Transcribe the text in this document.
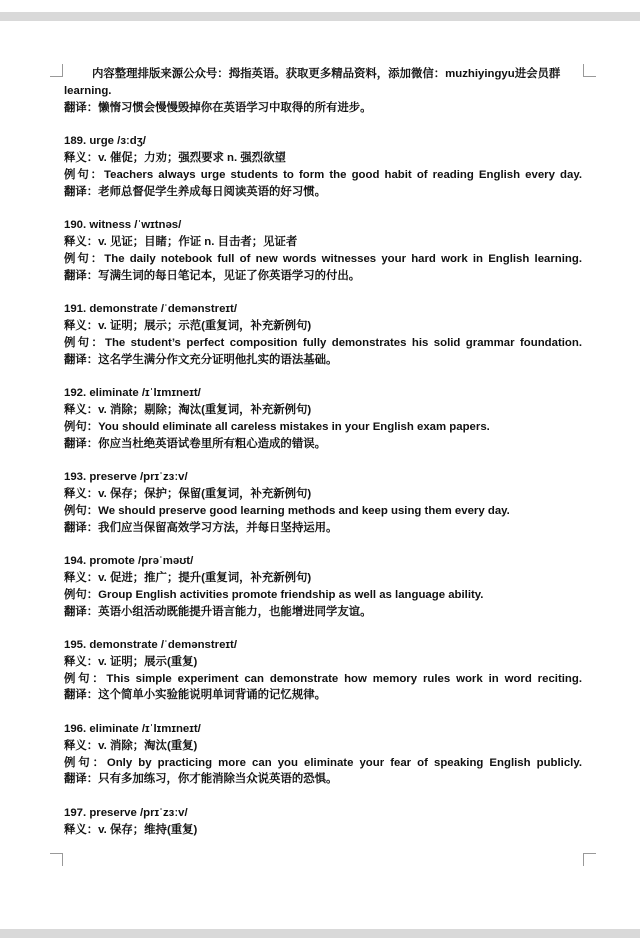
内容整理排版来源公众号：拇指英语。获取更多精品资料，添加微信：muzhiyingyu进会员群learning.
翻译：懒惰习惯会慢慢毁掉你在英语学习中取得的所有进步。
189. urge /ɜːdʒ/
释义：v. 催促；力劝；强烈要求 n. 强烈欲望
例句：Teachers always urge students to form the good habit of reading English every day.
翻译：老师总督促学生养成每日阅读英语的好习惯。
190. witness /ˈwɪtnəs/
释义：v. 见证；目睹；作证 n. 目击者；见证者
例句：The daily notebook full of new words witnesses your hard work in English learning.
翻译：写满生词的每日笔记本，见证了你英语学习的付出。
191. demonstrate /ˈdemənstreɪt/
释义：v. 证明；展示；示范(重复词，补充新例句)
例句：The student’s perfect composition fully demonstrates his solid grammar foundation.
翻译：这名学生满分作文充分证明他扎实的语法基础。
192. eliminate /ɪˈlɪmɪneɪt/
释义：v. 消除；剔除；淘汰(重复词，补充新例句)
例句：You should eliminate all careless mistakes in your English exam papers.
翻译：你应当杜绝英语试卷里所有粗心造成的错误。
193. preserve /prɪˈzɜːv/
释义：v. 保存；保护；保留(重复词，补充新例句)
例句：We should preserve good learning methods and keep using them every day.
翻译：我们应当保留高效学习方法，并每日坚持运用。
194. promote /prəˈməʊt/
释义：v. 促进；推广；提升(重复词，补充新例句)
例句：Group English activities promote friendship as well as language ability.
翻译：英语小组活动既能提升语言能力，也能增进同学友谊。
195. demonstrate /ˈdemənstreɪt/
释义：v. 证明；展示(重复)
例句：This simple experiment can demonstrate how memory rules work in word reciting.
翻译：这个简单小实验能说明单词背诵的记忆规律。
196. eliminate /ɪˈlɪmɪneɪt/
释义：v. 消除；淘汰(重复)
例句：Only by practicing more can you eliminate your fear of speaking English publicly.
翻译：只有多加练习，你才能消除当众说英语的恐惧。
197. preserve /prɪˈzɜːv/
释义：v. 保存；维持(重复)
